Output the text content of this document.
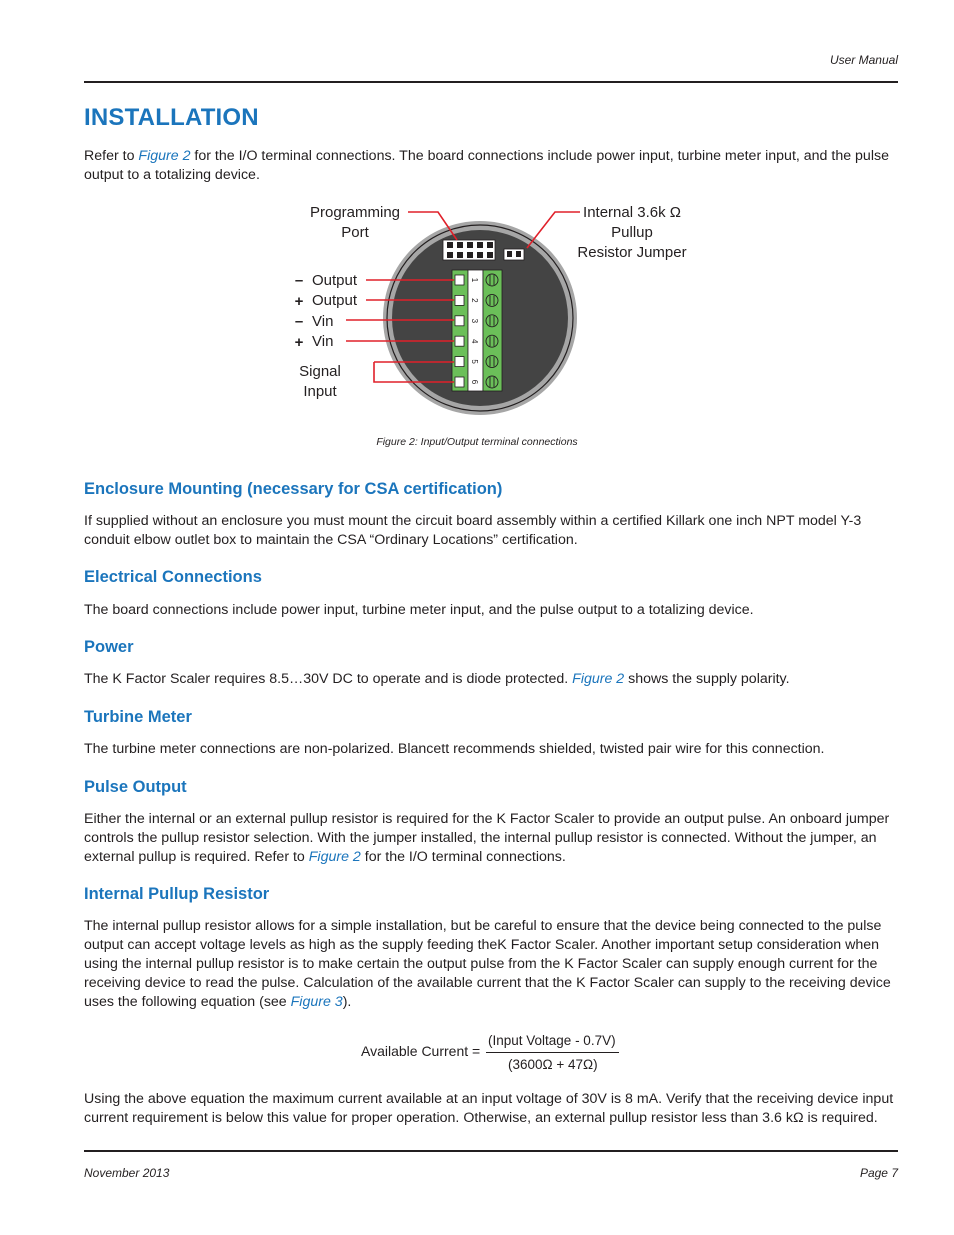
User Manual
INSTALLATION
Refer to Figure 2 for the I/O terminal connections. The board connections include power input, turbine meter input, and the pulse output to a totalizing device.
1
2
3
4
5
6
Programming
Port
Internal 3.6k Ω
Pullup
Resistor Jumper
– Output
+ Output
– Vin
+ Vin
Signal
Input
Figure 2: Input/Output terminal connections
Enclosure Mounting (necessary for CSA certification)
If supplied without an enclosure you must mount the circuit board assembly within a certified Killark one inch NPT model Y-3 conduit elbow outlet box to maintain the CSA “Ordinary Locations” certification.
Electrical Connections
The board connections include power input, turbine meter input, and the pulse output to a totalizing device.
Power
The K Factor Scaler requires 8.5…30V DC to operate and is diode protected. Figure 2 shows the supply polarity.
Turbine Meter
The turbine meter connections are non-polarized. Blancett recommends shielded, twisted pair wire for this connection.
Pulse Output
Either the internal or an external pullup resistor is required for the K Factor Scaler to provide an output pulse. An onboard jumper controls the pullup resistor selection. With the jumper installed, the internal pullup resistor is connected. Without the jumper, an external pullup is required. Refer to Figure 2 for the I/O terminal connections.
Internal Pullup Resistor
The internal pullup resistor allows for a simple installation, but be careful to ensure that the device being connected to the pulse output can accept voltage levels as high as the supply feeding theK Factor Scaler. Another important setup consideration when using the internal pullup resistor is to make certain the output pulse from the K Factor Scaler can supply enough current for the receiving device to read the pulse. Calculation of the available current that the K Factor Scaler can supply to the receiving device uses the following equation (see Figure 3).
Available Current =
(Input Voltage - 0.7V)
(3600Ω + 47Ω)
Using the above equation the maximum current available at an input voltage of 30V is 8 mA. Verify that the receiving device input current requirement is below this value for proper operation. Otherwise, an external pullup resistor less than 3.6 kΩ is required.
November 2013	Page 7
